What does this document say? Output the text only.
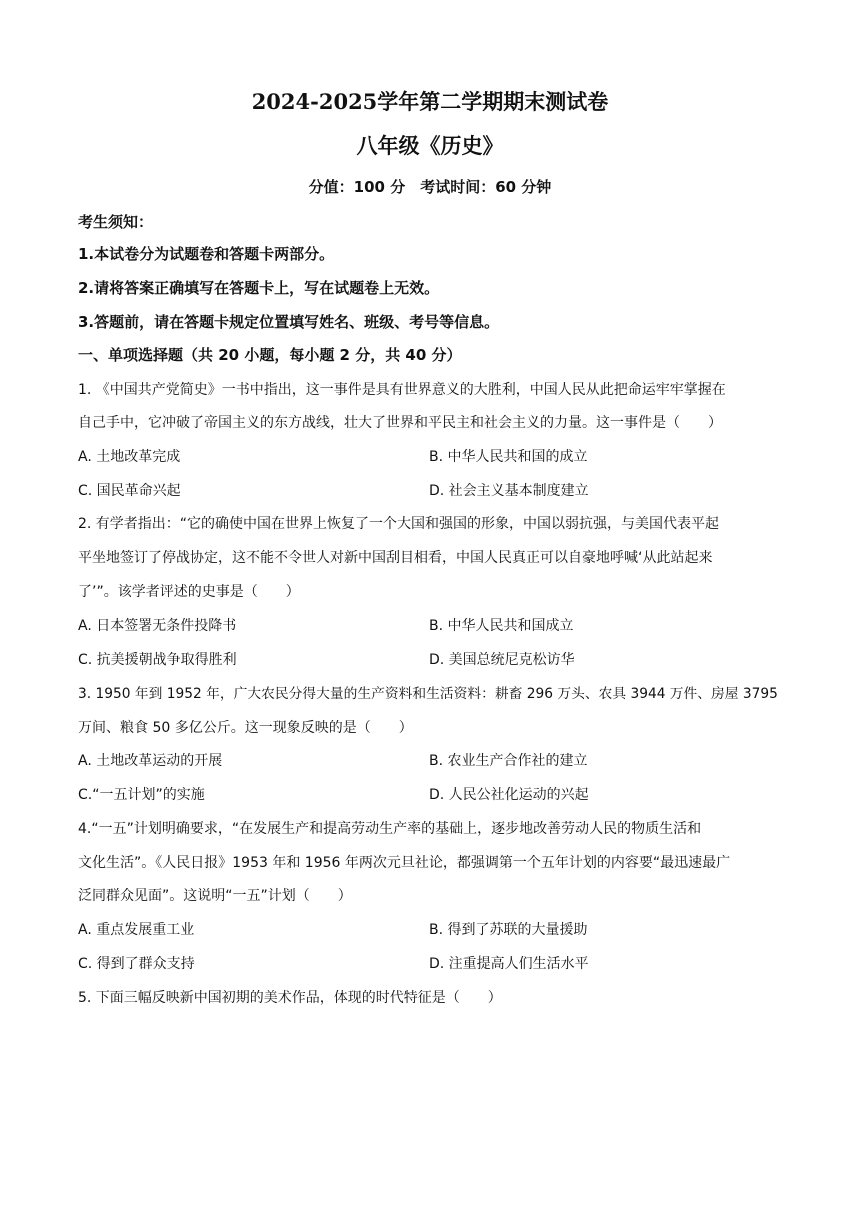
2024-2025学年第二学期期末测试卷
八年级《历史》
分值：100 分　考试时间：60 分钟
考生须知：
1.本试卷分为试题卷和答题卡两部分。
2.请将答案正确填写在答题卡上，写在试题卷上无效。
3.答题前，请在答题卡规定位置填写姓名、班级、考号等信息。
一、单项选择题（共 20 小题，每小题 2 分，共 40 分）
1. 《中国共产党简史》一书中指出，这一事件是具有世界意义的大胜利，中国人民从此把命运牢牢掌握在
自己手中，它冲破了帝国主义的东方战线，壮大了世界和平民主和社会主义的力量。这一事件是（　　）
A. 土地改革完成	B. 中华人民共和国的成立
C. 国民革命兴起	D. 社会主义基本制度建立
2. 有学者指出：“它的确使中国在世界上恢复了一个大国和强国的形象，中国以弱抗强，与美国代表平起
平坐地签订了停战协定，这不能不令世人对新中国刮目相看，中国人民真正可以自豪地呼喊‘从此站起来
了’”。该学者评述的史事是（　　）
A. 日本签署无条件投降书	B. 中华人民共和国成立
C. 抗美援朝战争取得胜利	D. 美国总统尼克松访华
3. 1950 年到 1952 年，广大农民分得大量的生产资料和生活资料：耕畜 296 万头、农具 3944 万件、房屋 3795
万间、粮食 50 多亿公斤。这一现象反映的是（　　）
A. 土地改革运动的开展	B. 农业生产合作社的建立
C.“一五计划”的实施	D. 人民公社化运动的兴起
4.“一五”计划明确要求，“在发展生产和提高劳动生产率的基础上，逐步地改善劳动人民的物质生活和
文化生活”。《人民日报》1953 年和 1956 年两次元旦社论，都强调第一个五年计划的内容要“最迅速最广
泛同群众见面”。这说明“一五”计划（　　）
A. 重点发展重工业	B. 得到了苏联的大量援助
C. 得到了群众支持	D. 注重提高人们生活水平
5. 下面三幅反映新中国初期的美术作品，体现的时代特征是（　　）
